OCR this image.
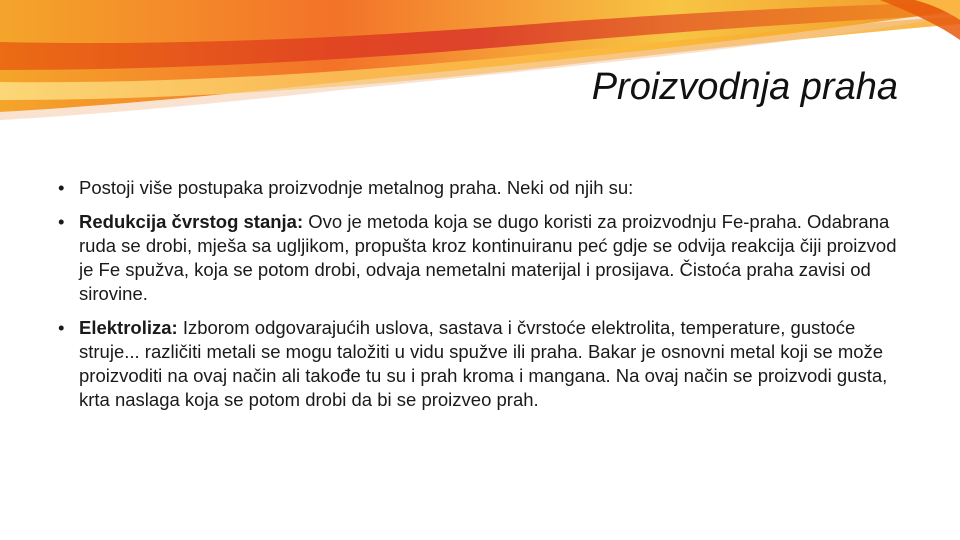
Proizvodnja praha
• Postoji više postupaka proizvodnje metalnog praha. Neki od njih su:
• Redukcija čvrstog stanja: Ovo je metoda koja se dugo koristi za proizvodnju Fe-praha. Odabrana ruda se drobi, mješa sa ugljikom, propušta kroz kontinuiranu peć gdje se odvija reakcija čiji proizvod je Fe spužva, koja se potom drobi, odvaja nemetalni materijal i prosijava. Čistoća praha zavisi od sirovine.
• Elektroliza: Izborom odgovarajućih uslova, sastava i čvrstoće elektrolita, temperature, gustoće struje... različiti metali se mogu taložiti u vidu spužve ili praha. Bakar je osnovni metal koji se može proizvoditi na ovaj način ali takođe tu su i prah kroma i mangana. Na ovaj način se proizvodi gusta, krta naslaga koja se potom drobi da bi se proizveo prah.
